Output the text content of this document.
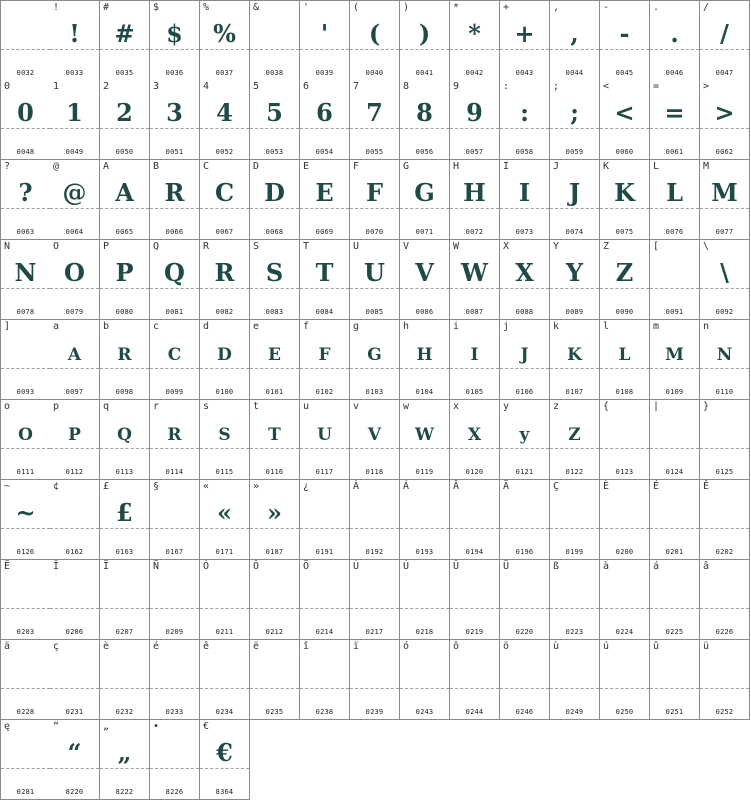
0032
!
!
0033
#
#
0035
$
$
0036
%
%
0037
&
0038
'
'
0039
(
(
0040
)
)
0041
*
*
0042
+
+
0043
,
,
0044
-
-
0045
.
.
0046
/
/
0047
0
0
0048
1
1
0049
2
2
0050
3
3
0051
4
4
0052
5
5
0053
6
6
0054
7
7
0055
8
8
0056
9
9
0057
:
:
0058
;
;
0059
<
<
0060
=
=
0061
>
>
0062
?
?
0063
@
@
0064
A
A
0065
B
R
0066
C
C
0067
D
D
0068
E
E
0069
F
F
0070
G
G
0071
H
H
0072
I
I
0073
J
J
0074
K
K
0075
L
L
0076
M
M
0077
N
N
0078
O
O
0079
P
P
0080
Q
Q
0081
R
R
0082
S
S
0083
T
T
0084
U
U
0085
V
V
0086
W
W
0087
X
X
0088
Y
Y
0089
Z
Z
0090
[
0091
\
\
0092
]
0093
a
A
0097
b
R
0098
c
C
0099
d
D
0100
e
E
0101
f
F
0102
g
G
0103
h
H
0104
i
I
0105
j
J
0106
k
K
0107
l
L
0108
m
M
0109
n
N
0110
o
O
0111
p
P
0112
q
Q
0113
r
R
0114
s
S
0115
t
T
0116
u
U
0117
v
V
0118
w
W
0119
x
X
0120
y
y
0121
z
Z
0122
{
0123
|
0124
}
0125
~
~
0126
¢
0162
£
£
0163
§
0167
«
«
0171
»
»
0187
¿
0191
À
0192
Á
0193
Â
0194
Ä
0196
Ç
0199
È
0200
É
0201
Ê
0202
Ë
0203
Î
0206
Ï
0207
Ñ
0209
Ó
0211
Ô
0212
Ö
0214
Ù
0217
Ú
0218
Û
0219
Ü
0220
ß
0223
à
0224
á
0225
â
0226
ä
0228
ç
0231
è
0232
é
0233
ê
0234
ë
0235
î
0238
ï
0239
ó
0243
ô
0244
ö
0246
ù
0249
ú
0250
û
0251
ü
0252
ę
0281
“
“
8220
„
„
8222
•
8226
€
€
8364
